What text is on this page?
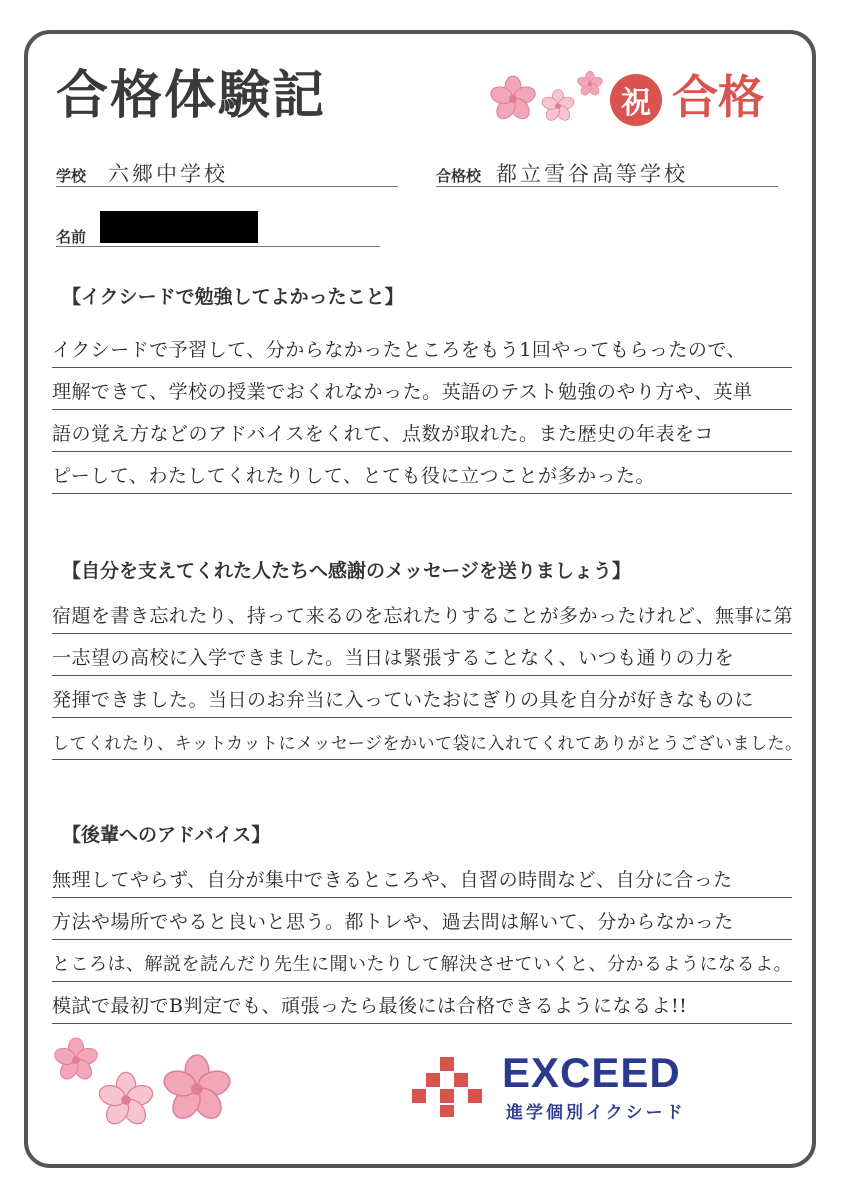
合格体験記	祝 合格
学校 六郷中学校	合格校 都立雪谷高等学校
名前
【イクシードで勉強してよかったこと】
イクシードで予習して、分からなかったところをもう1回やってもらったので、
理解できて、学校の授業でおくれなかった。英語のテスト勉強のやり方や、英単
語の覚え方などのアドバイスをくれて、点数が取れた。また歴史の年表をコ
ピーして、わたしてくれたりして、とても役に立つことが多かった。
【自分を支えてくれた人たちへ感謝のメッセージを送りましょう】
宿題を書き忘れたり、持って来るのを忘れたりすることが多かったけれど、無事に第
一志望の高校に入学できました。当日は緊張することなく、いつも通りの力を
発揮できました。当日のお弁当に入っていたおにぎりの具を自分が好きなものに
してくれたり、キットカットにメッセージをかいて袋に入れてくれてありがとうございました。
【後輩へのアドバイス】
無理してやらず、自分が集中できるところや、自習の時間など、自分に合った
方法や場所でやると良いと思う。都トレや、過去問は解いて、分からなかった
ところは、解説を読んだり先生に聞いたりして解決させていくと、分かるようになるよ。
模試で最初でB判定でも、頑張ったら最後には合格できるようになるよ!!
EXCEED
進学個別イクシード
